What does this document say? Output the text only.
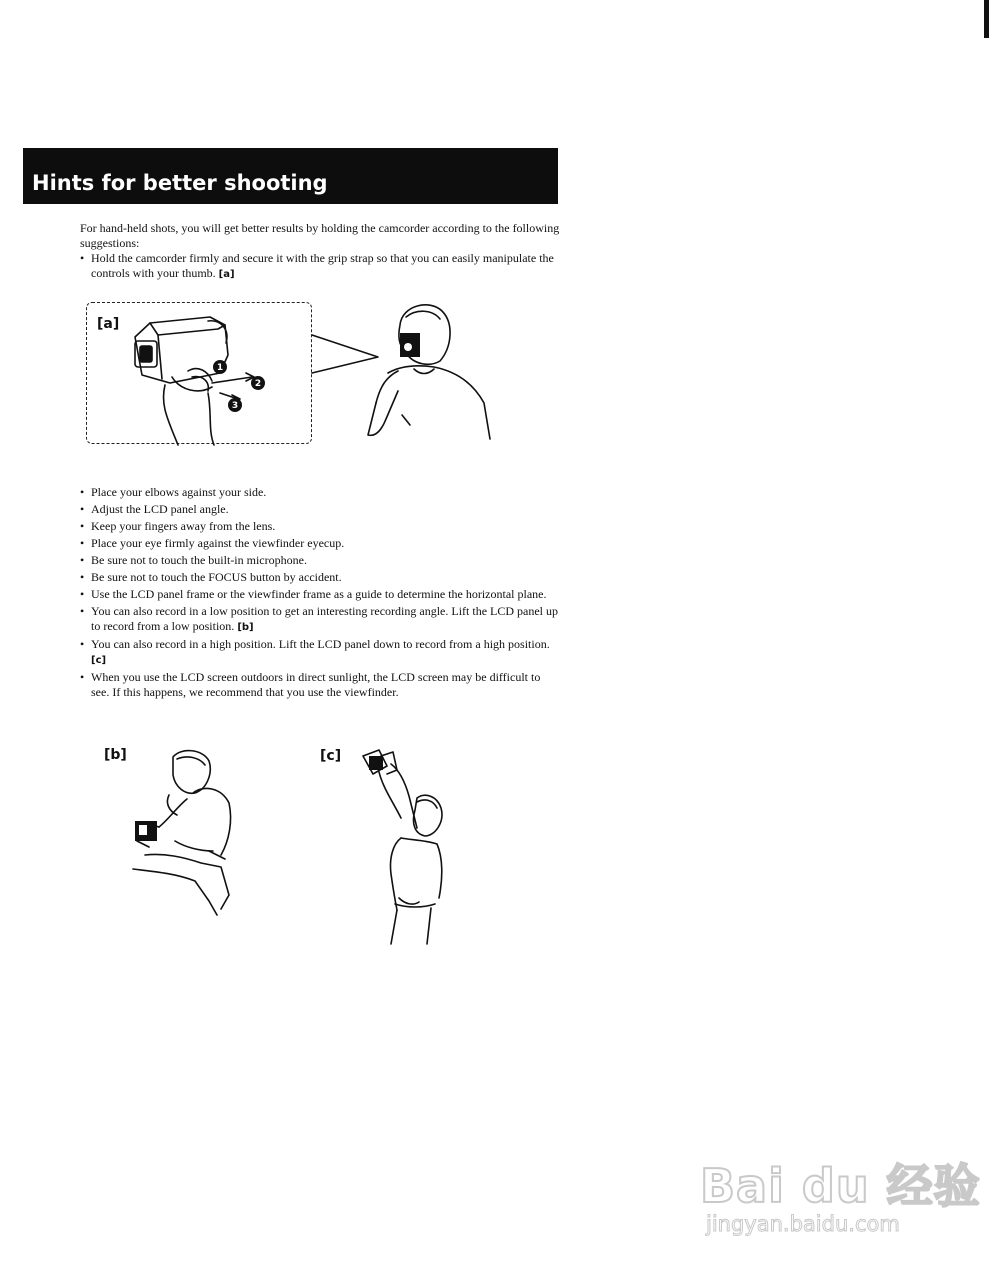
Hints for better shooting

For hand-held shots, you will get better results by holding the camcorder according to the following suggestions:

• Hold the camcorder firmly and secure it with the grip strap so that you can easily manipulate the controls with your thumb. [a]
[a]
1
2
3
• Place your elbows against your side.
• Adjust the LCD panel angle.
• Keep your fingers away from the lens.
• Place your eye firmly against the viewfinder eyecup.
• Be sure not to touch the built-in microphone.
• Be sure not to touch the FOCUS button by accident.
• Use the LCD panel frame or the viewfinder frame as a guide to determine the horizontal plane.
• You can also record in a low position to get an interesting recording angle. Lift the LCD panel up to record from a low position. [b]
• You can also record in a high position. Lift the LCD panel down to record from a high position. [c]
• When you use the LCD screen outdoors in direct sunlight, the LCD screen may be difficult to see. If this happens, we recommend that you use the viewfinder.
[b]	[c]
Bai du 经验
jingyan.baidu.com
